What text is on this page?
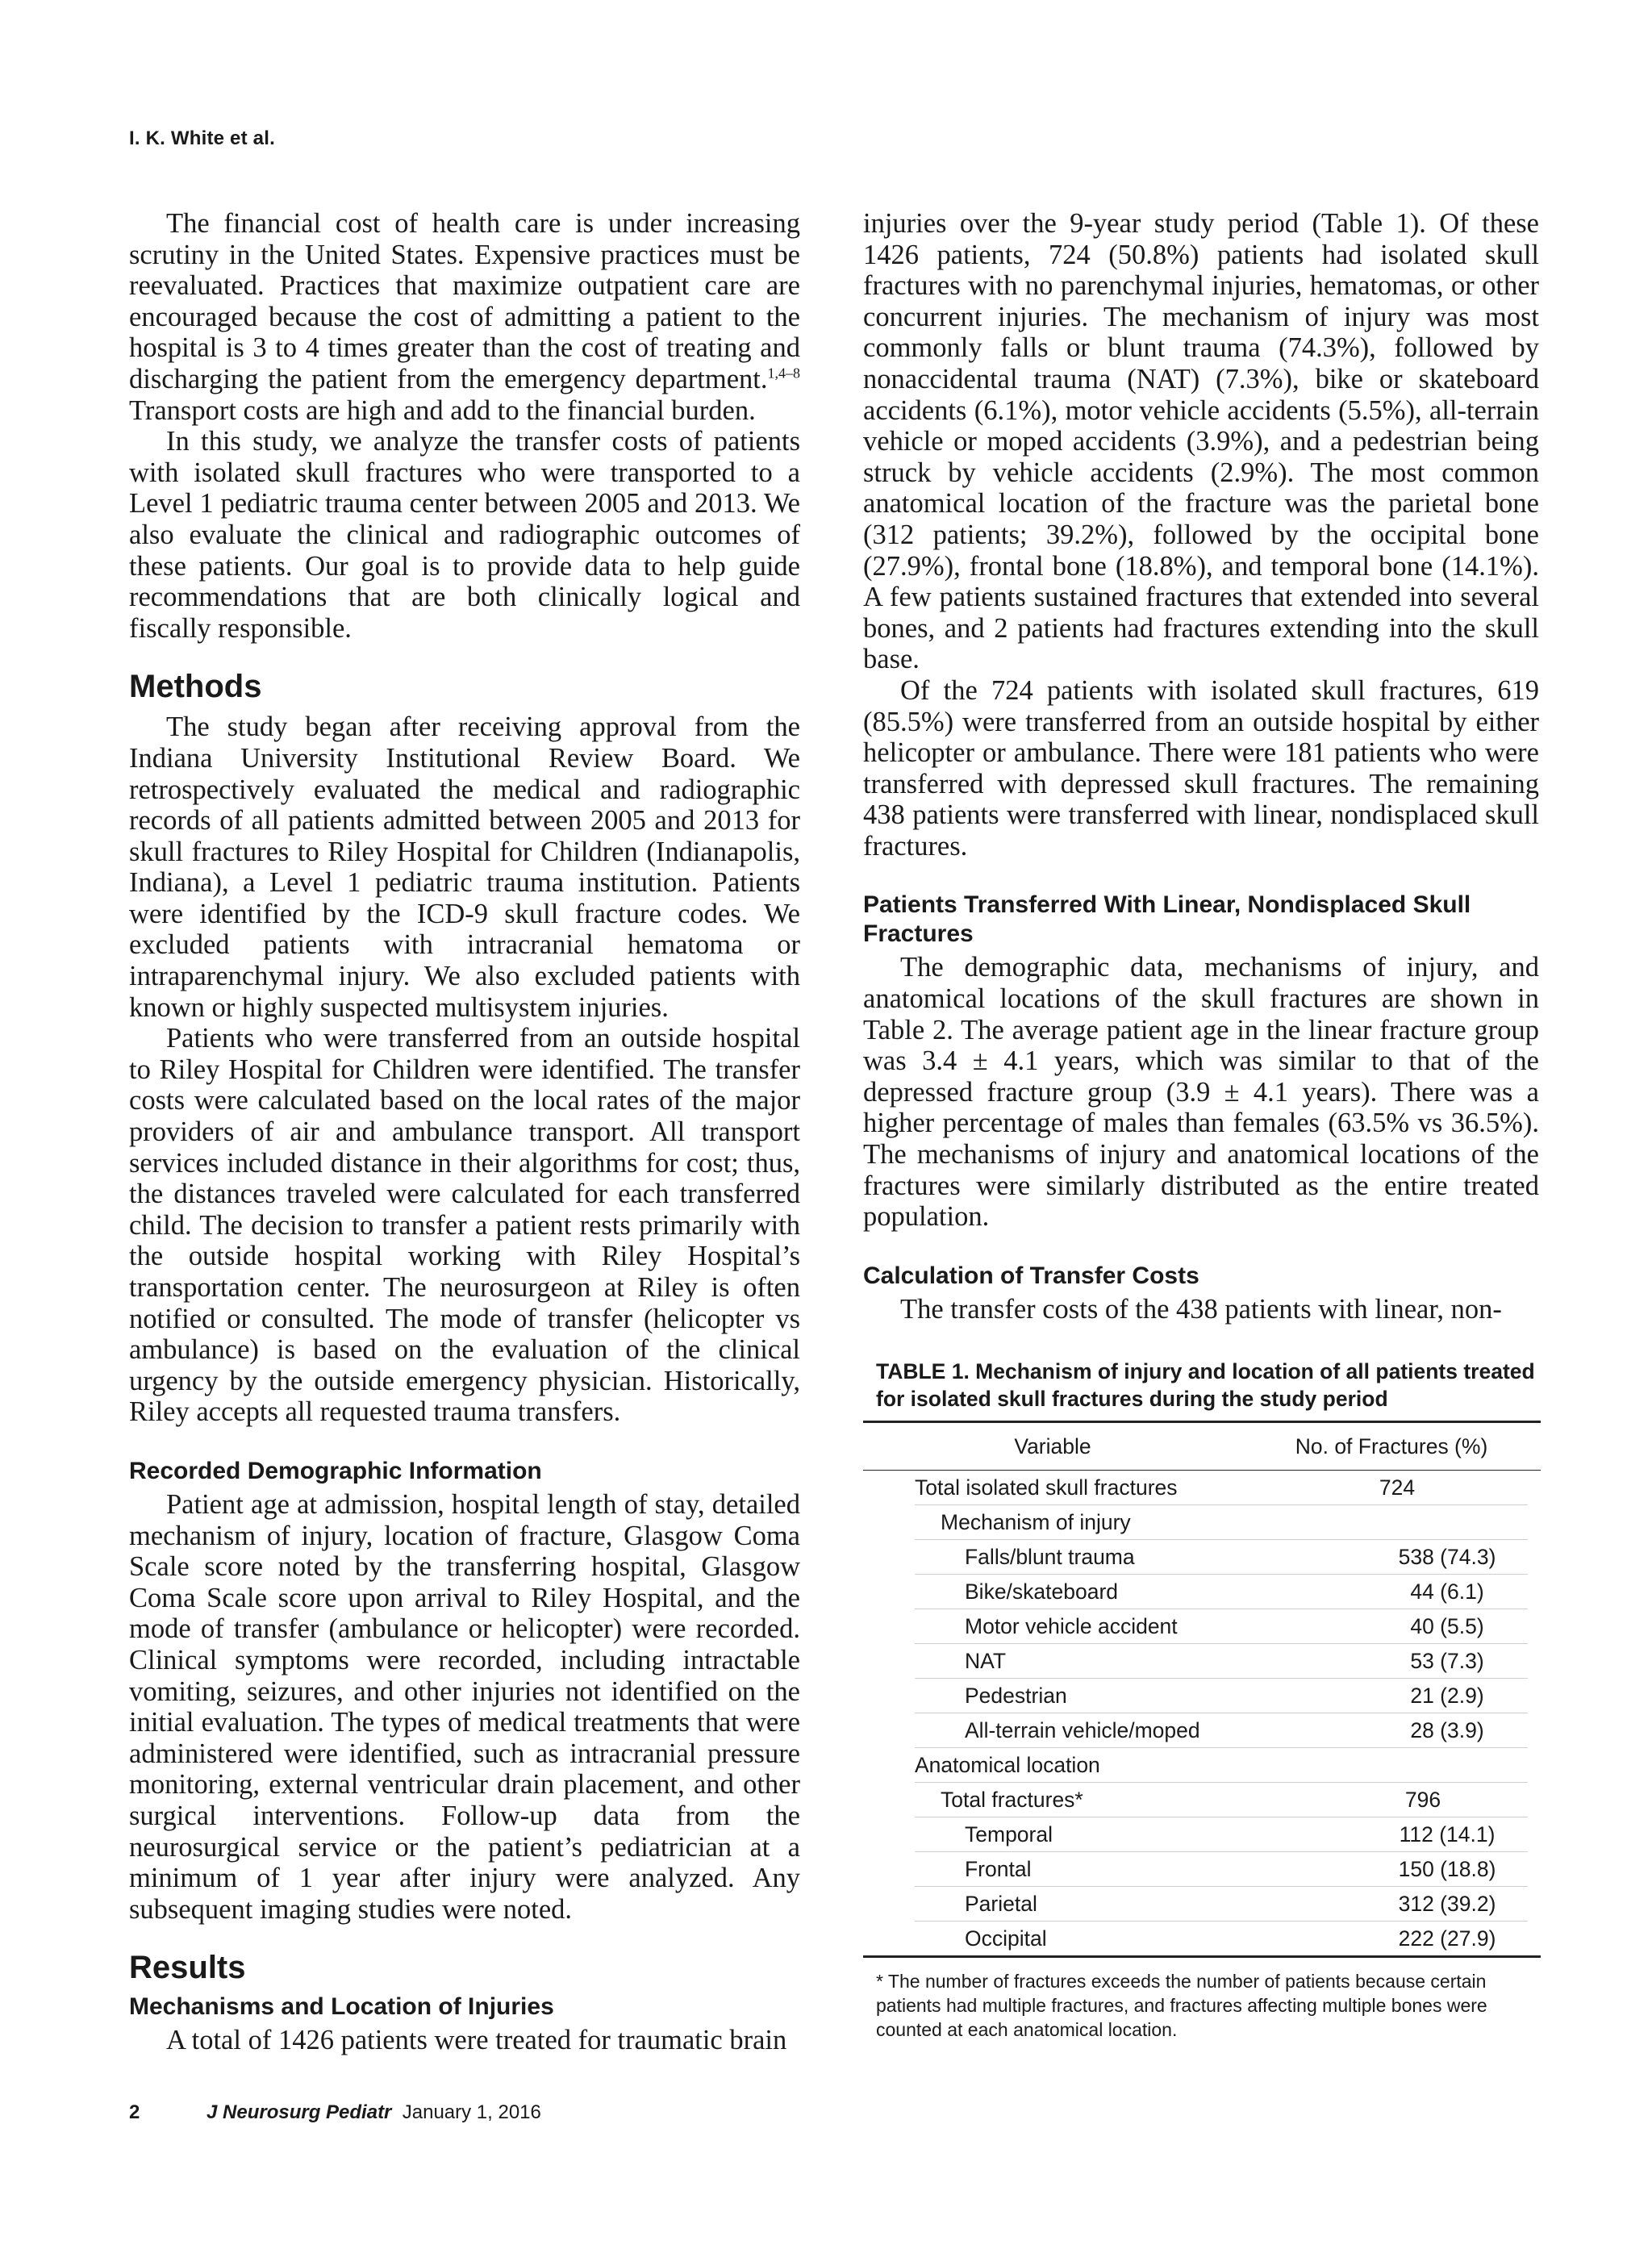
I. K. White et al.

The financial cost of health care is under increasing scrutiny in the United States. Expensive practices must be reevaluated. Practices that maximize outpatient care are encouraged because the cost of admitting a patient to the hospital is 3 to 4 times greater than the cost of treating and discharging the patient from the emergency department.$^{1,4-8}$ Transport costs are high and add to the financial burden.

In this study, we analyze the transfer costs of patients with isolated skull fractures who were transported to a Level 1 pediatric trauma center between 2005 and 2013. We also evaluate the clinical and radiographic outcomes of these patients. Our goal is to provide data to help guide recommendations that are both clinically logical and fiscally responsible.

Methods

The study began after receiving approval from the Indiana University Institutional Review Board. We retrospectively evaluated the medical and radiographic records of all patients admitted between 2005 and 2013 for skull fractures to Riley Hospital for Children (Indianapolis, Indiana), a Level 1 pediatric trauma institution. Patients were identified by the ICD-9 skull fracture codes. We excluded patients with intracranial hematoma or intraparenchymal injury. We also excluded patients with known or highly suspected multisystem injuries.

Patients who were transferred from an outside hospital to Riley Hospital for Children were identified. The transfer costs were calculated based on the local rates of the major providers of air and ambulance transport. All transport services included distance in their algorithms for cost; thus, the distances traveled were calculated for each transferred child. The decision to transfer a patient rests primarily with the outside hospital working with Riley Hospital’s transportation center. The neurosurgeon at Riley is often notified or consulted. The mode of transfer (helicopter vs ambulance) is based on the evaluation of the clinical urgency by the outside emergency physician. Historically, Riley accepts all requested trauma transfers.

Recorded Demographic Information

Patient age at admission, hospital length of stay, detailed mechanism of injury, location of fracture, Glasgow Coma Scale score noted by the transferring hospital, Glasgow Coma Scale score upon arrival to Riley Hospital, and the mode of transfer (ambulance or helicopter) were recorded. Clinical symptoms were recorded, including intractable vomiting, seizures, and other injuries not identified on the initial evaluation. The types of medical treatments that were administered were identified, such as intracranial pressure monitoring, external ventricular drain placement, and other surgical interventions. Follow-up data from the neurosurgical service or the patient’s pediatrician at a minimum of 1 year after injury were analyzed. Any subsequent imaging studies were noted.

Results
Mechanisms and Location of Injuries

A total of 1426 patients were treated for traumatic brain

injuries over the 9-year study period (Table 1). Of these 1426 patients, 724 (50.8%) patients had isolated skull fractures with no parenchymal injuries, hematomas, or other concurrent injuries. The mechanism of injury was most commonly falls or blunt trauma (74.3%), followed by nonaccidental trauma (NAT) (7.3%), bike or skateboard accidents (6.1%), motor vehicle accidents (5.5%), all-terrain vehicle or moped accidents (3.9%), and a pedestrian being struck by vehicle accidents (2.9%). The most common anatomical location of the fracture was the parietal bone (312 patients; 39.2%), followed by the occipital bone (27.9%), frontal bone (18.8%), and temporal bone (14.1%). A few patients sustained fractures that extended into several bones, and 2 patients had fractures extending into the skull base.

Of the 724 patients with isolated skull fractures, 619 (85.5%) were transferred from an outside hospital by either helicopter or ambulance. There were 181 patients who were transferred with depressed skull fractures. The remaining 438 patients were transferred with linear, nondisplaced skull fractures.

Patients Transferred With Linear, Nondisplaced Skull Fractures

The demographic data, mechanisms of injury, and anatomical locations of the skull fractures are shown in Table 2. The average patient age in the linear fracture group was 3.4 ± 4.1 years, which was similar to that of the depressed fracture group (3.9 ± 4.1 years). There was a higher percentage of males than females (63.5% vs 36.5%). The mechanisms of injury and anatomical locations of the fractures were similarly distributed as the entire treated population.

Calculation of Transfer Costs

The transfer costs of the 438 patients with linear, non-

TABLE 1. Mechanism of injury and location of all patients treated for isolated skull fractures during the study period
Variable	No. of Fractures (%)
Total isolated skull fractures	724
Mechanism of injury
Falls/blunt trauma	538 (74.3)
Bike/skateboard	44 (6.1)
Motor vehicle accident	40 (5.5)
NAT	53 (7.3)
Pedestrian	21 (2.9)
All-terrain vehicle/moped	28 (3.9)
Anatomical location
Total fractures*	796
Temporal	112 (14.1)
Frontal	150 (18.8)
Parietal	312 (39.2)
Occipital	222 (27.9)
* The number of fractures exceeds the number of patients because certain patients had multiple fractures, and fractures affecting multiple bones were counted at each anatomical location.
2	J Neurosurg Pediatr January 1, 2016
